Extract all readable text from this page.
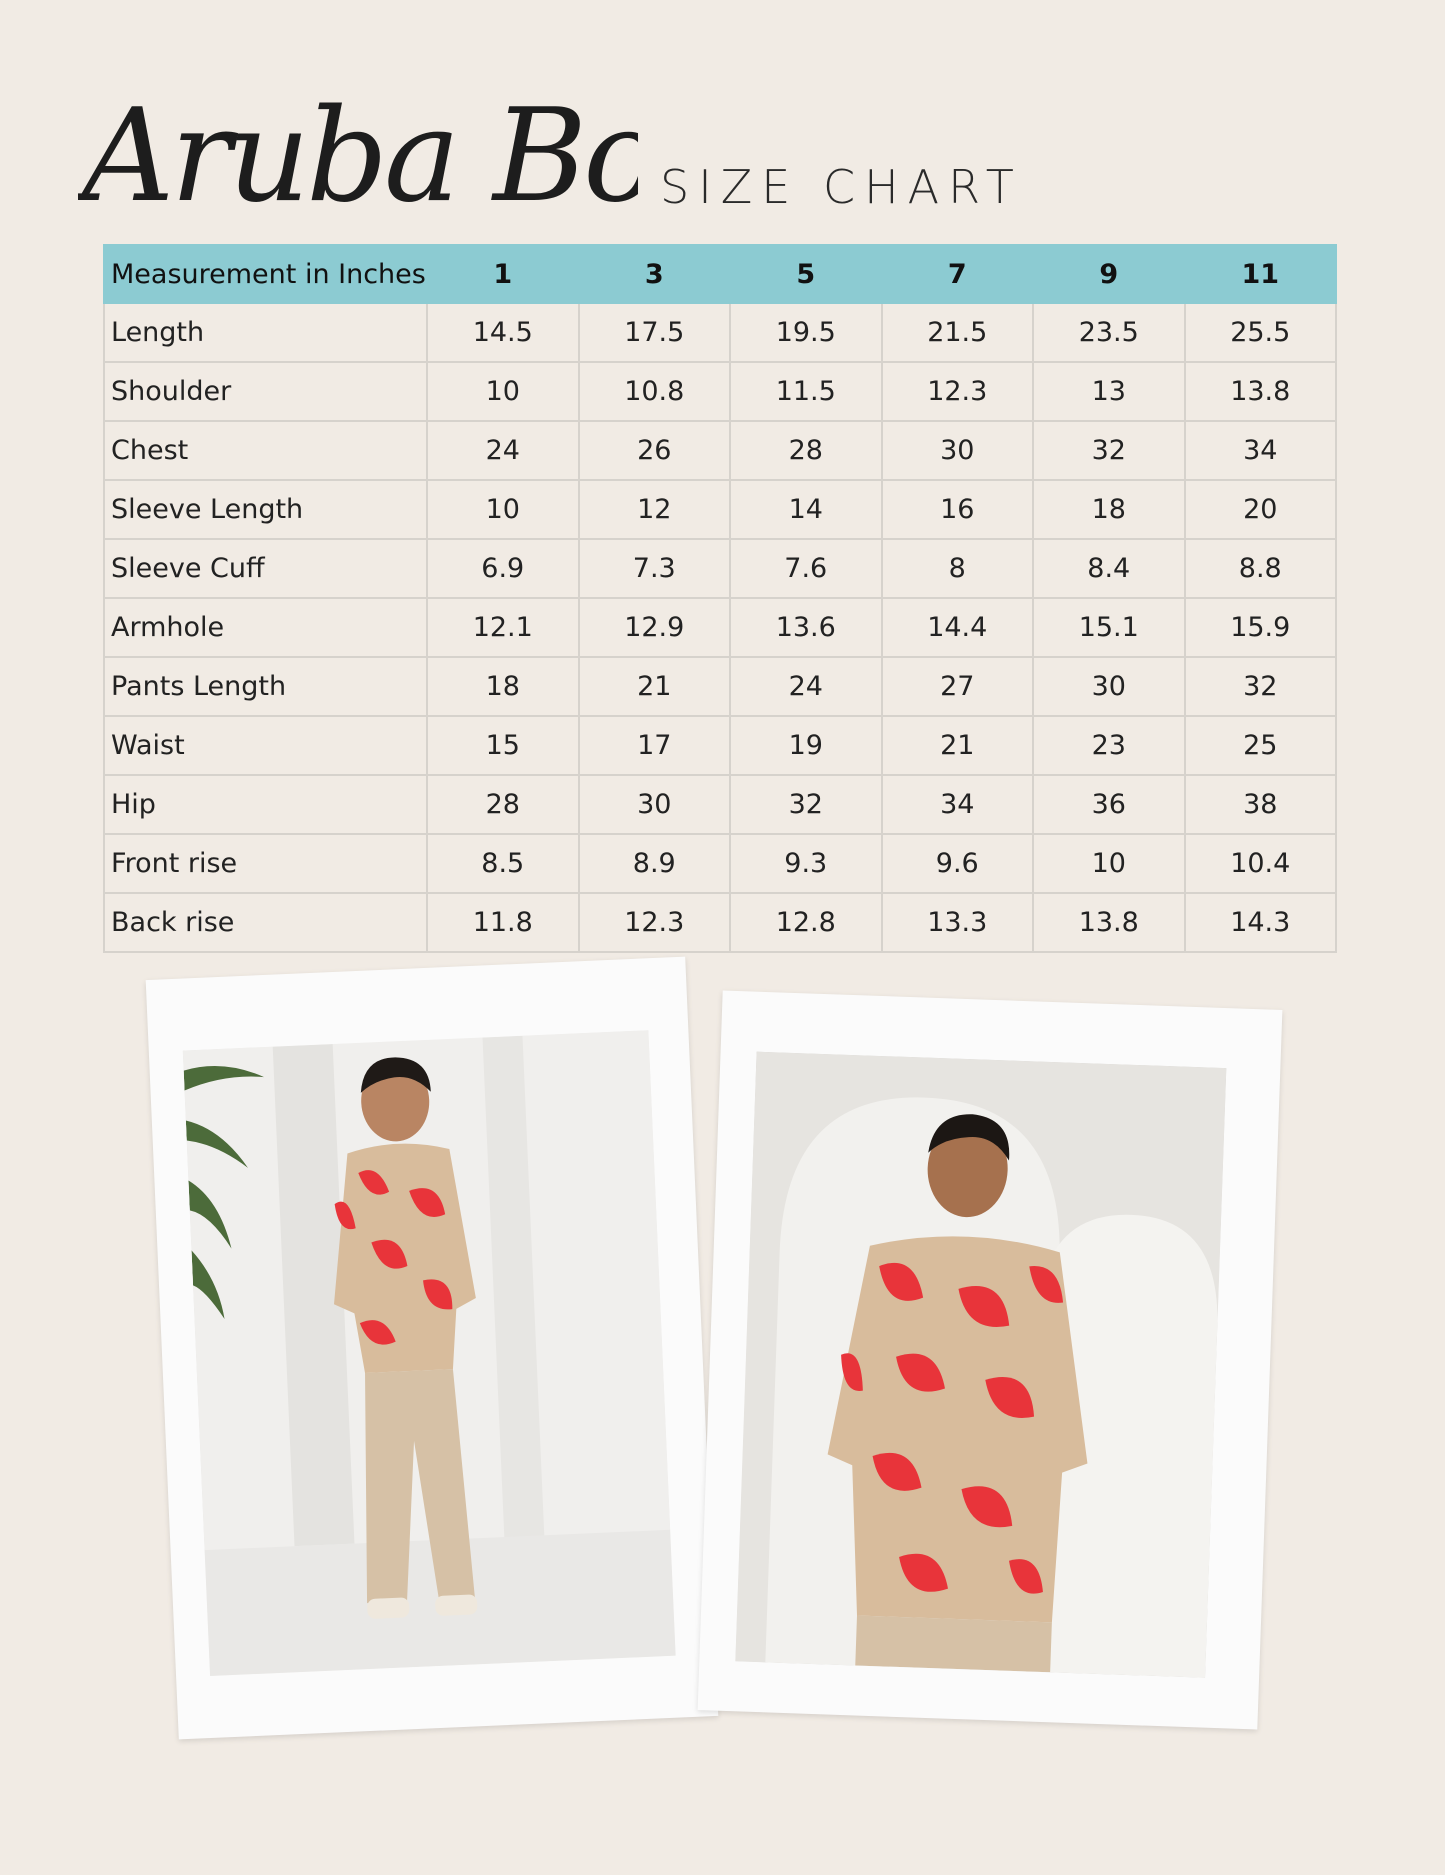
Aruba B	SIZE CHART
Measurement in Inches	1	3	5	7	9	11
Length	14.5	17.5	19.5	21.5	23.5	25.5
Shoulder	10	10.8	11.5	12.3	13	13.8
Chest	24	26	28	30	32	34
Sleeve Length	10	12	14	16	18	20
Sleeve Cuff	6.9	7.3	7.6	8	8.4	8.8
Armhole	12.1	12.9	13.6	14.4	15.1	15.9
Pants Length	18	21	24	27	30	32
Waist	15	17	19	21	23	25
Hip	28	30	32	34	36	38
Front rise	8.5	8.9	9.3	9.6	10	10.4
Back rise	11.8	12.3	12.8	13.3	13.8	14.3
